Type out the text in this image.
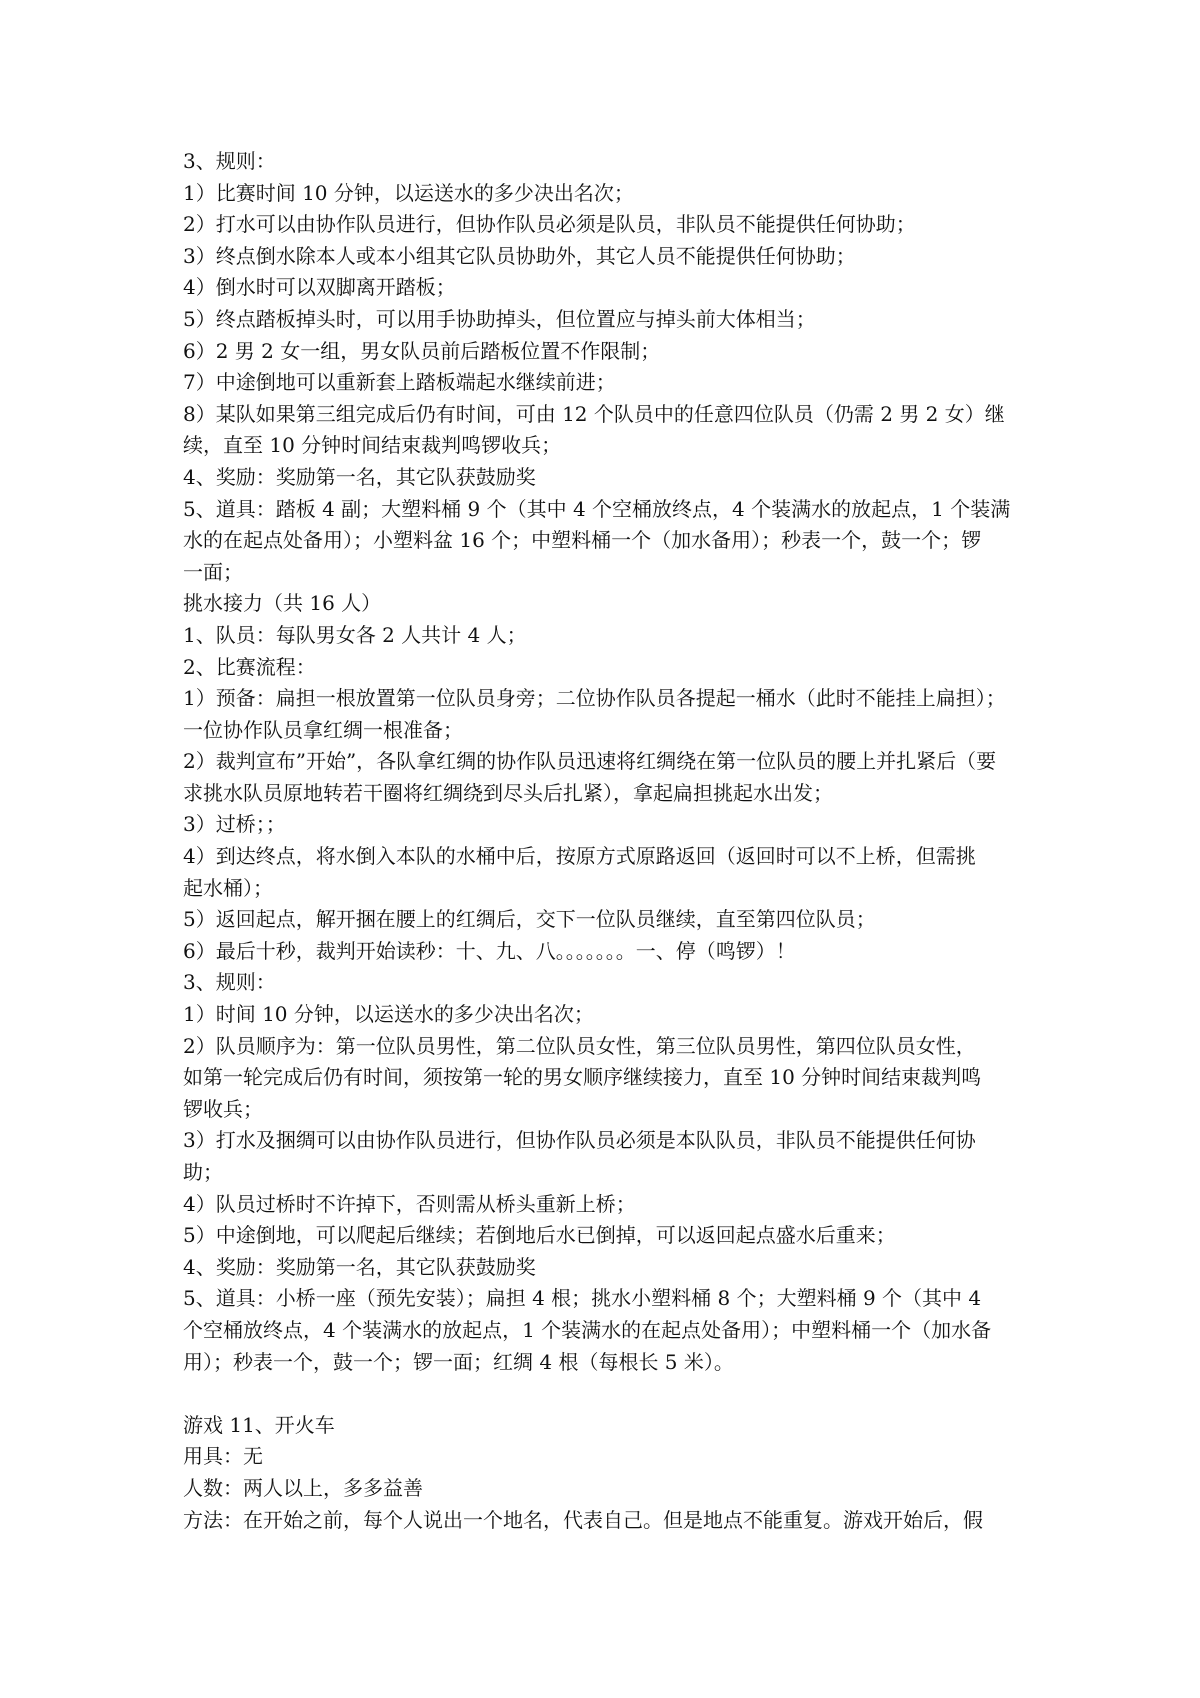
3、规则：
1）比赛时间 10 分钟，以运送水的多少决出名次；
2）打水可以由协作队员进行，但协作队员必须是队员，非队员不能提供任何协助；
3）终点倒水除本人或本小组其它队员协助外，其它人员不能提供任何协助；
4）倒水时可以双脚离开踏板；
5）终点踏板掉头时，可以用手协助掉头，但位置应与掉头前大体相当；
6）2 男 2 女一组，男女队员前后踏板位置不作限制；
7）中途倒地可以重新套上踏板端起水继续前进；
8）某队如果第三组完成后仍有时间，可由 12 个队员中的任意四位队员（仍需 2 男 2 女）继
续，直至 10 分钟时间结束裁判鸣锣收兵；
4、奖励：奖励第一名，其它队获鼓励奖
5、道具：踏板 4 副；大塑料桶 9 个（其中 4 个空桶放终点，4 个装满水的放起点，1 个装满
水的在起点处备用）；小塑料盆 16 个；中塑料桶一个（加水备用）；秒表一个，鼓一个；锣
一面；
挑水接力（共 16 人）
1、队员：每队男女各 2 人共计 4 人；
2、比赛流程：
1）预备：扁担一根放置第一位队员身旁；二位协作队员各提起一桶水（此时不能挂上扁担）；
一位协作队员拿红绸一根准备；
2）裁判宣布”开始”，各队拿红绸的协作队员迅速将红绸绕在第一位队员的腰上并扎紧后（要
求挑水队员原地转若干圈将红绸绕到尽头后扎紧），拿起扁担挑起水出发；
3）过桥；；
4）到达终点，将水倒入本队的水桶中后，按原方式原路返回（返回时可以不上桥，但需挑
起水桶）；
5）返回起点，解开捆在腰上的红绸后，交下一位队员继续，直至第四位队员；
6）最后十秒，裁判开始读秒：十、九、八。。。。。。。一、停（鸣锣）！
3、规则：
1）时间 10 分钟，以运送水的多少决出名次；
2）队员顺序为：第一位队员男性，第二位队员女性，第三位队员男性，第四位队员女性，
如第一轮完成后仍有时间，须按第一轮的男女顺序继续接力，直至 10 分钟时间结束裁判鸣
锣收兵；
3）打水及捆绸可以由协作队员进行，但协作队员必须是本队队员，非队员不能提供任何协
助；
4）队员过桥时不许掉下，否则需从桥头重新上桥；
5）中途倒地，可以爬起后继续；若倒地后水已倒掉，可以返回起点盛水后重来；
4、奖励：奖励第一名，其它队获鼓励奖
5、道具：小桥一座（预先安装）；扁担 4 根；挑水小塑料桶 8 个；大塑料桶 9 个（其中 4
个空桶放终点，4 个装满水的放起点，1 个装满水的在起点处备用）；中塑料桶一个（加水备
用）；秒表一个，鼓一个；锣一面；红绸 4 根（每根长 5 米）。
游戏 11、开火车
用具：无
人数：两人以上，多多益善
方法：在开始之前，每个人说出一个地名，代表自己。但是地点不能重复。游戏开始后，假
